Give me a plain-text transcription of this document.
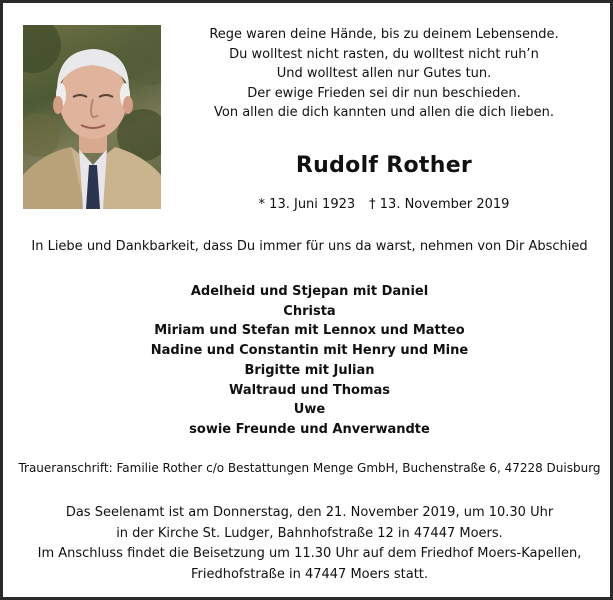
Rege waren deine Hände, bis zu deinem Lebensende.
Du wolltest nicht rasten, du wolltest nicht ruh’n
Und wolltest allen nur Gutes tun.
Der ewige Frieden sei dir nun beschieden.
Von allen die dich kannten und allen die dich lieben.
Rudolf Rother
* 13. Juni 1923 † 13. November 2019
In Liebe und Dankbarkeit, dass Du immer für uns da warst, nehmen von Dir Abschied
Adelheid und Stjepan mit Daniel
Christa
Miriam und Stefan mit Lennox und Matteo
Nadine und Constantin mit Henry und Mine
Brigitte mit Julian
Waltraud und Thomas
Uwe
sowie Freunde und Anverwandte
Traueranschrift: Familie Rother c/o Bestattungen Menge GmbH, Buchenstraße 6, 47228 Duisburg
Das Seelenamt ist am Donnerstag, den 21. November 2019, um 10.30 Uhr
in der Kirche St. Ludger, Bahnhofstraße 12 in 47447 Moers.
Im Anschluss findet die Beisetzung um 11.30 Uhr auf dem Friedhof Moers-Kapellen,
Friedhofstraße in 47447 Moers statt.
